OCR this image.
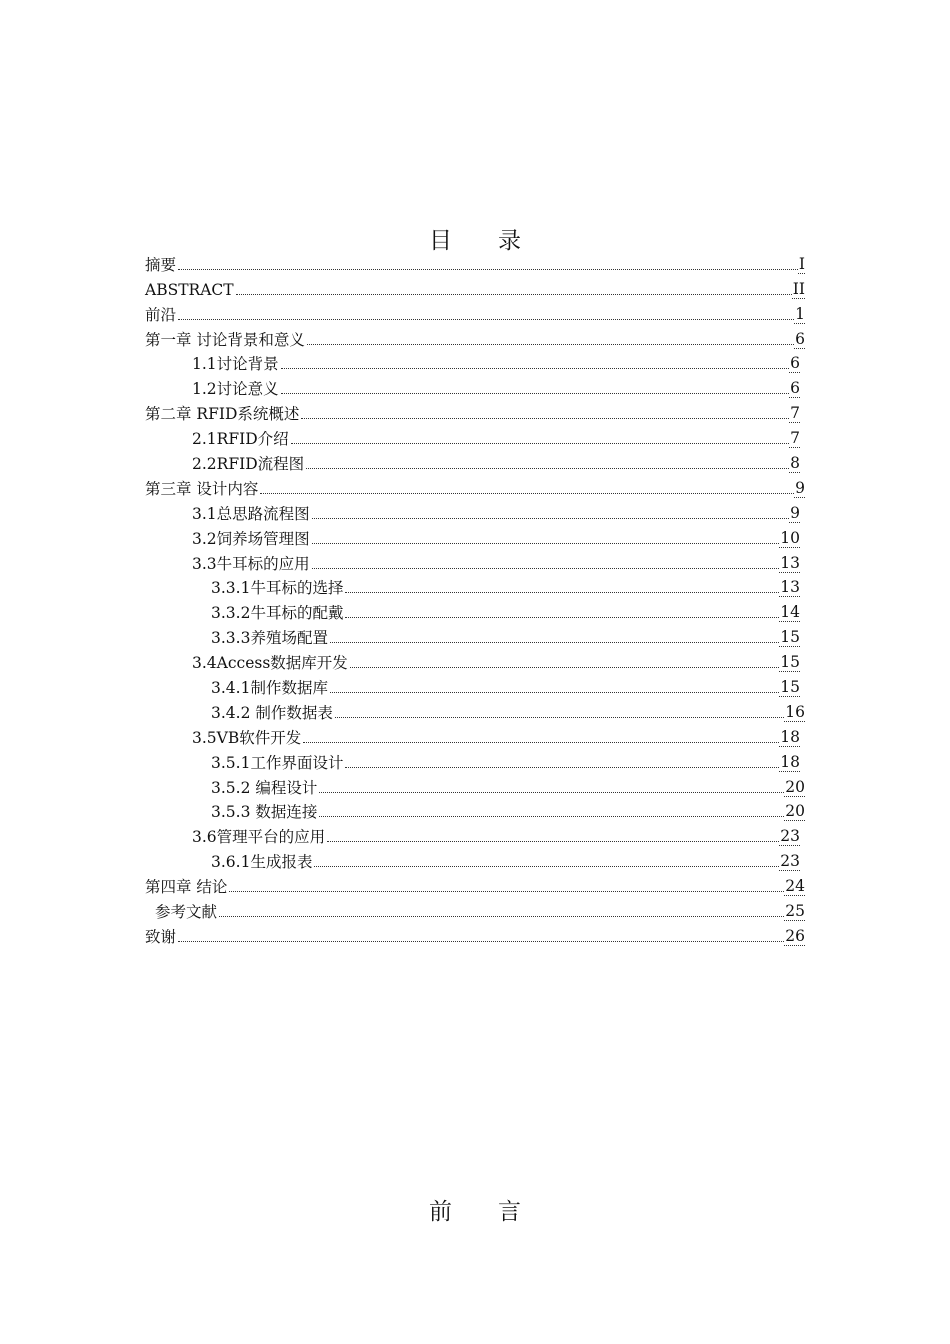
目 录
摘要	I
ABSTRACT	II
前沿	1
第一章 讨论背景和意义	6
1.1讨论背景	6
1.2讨论意义	6
第二章 RFID系统概述	7
2.1RFID介绍	7
2.2RFID流程图	8
第三章 设计内容	9
3.1总思路流程图	9
3.2饲养场管理图	10
3.3牛耳标的应用	13
3.3.1牛耳标的选择	13
3.3.2牛耳标的配戴	14
3.3.3养殖场配置	15
3.4Access数据库开发	15
3.4.1制作数据库	15
3.4.2 制作数据表	16
3.5VB软件开发	18
3.5.1工作界面设计	18
3.5.2 编程设计	20
3.5.3 数据连接	20
3.6管理平台的应用	23
3.6.1生成报表	23
第四章 结论	24
参考文献	25
致谢	26
前 言
